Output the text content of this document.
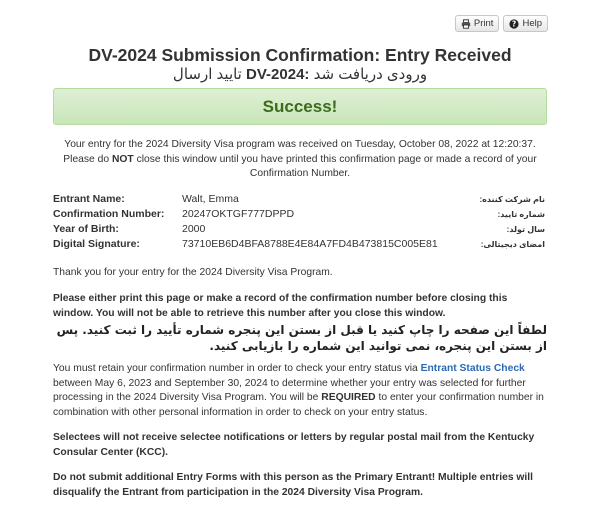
Print	? Help
DV-2024 Submission Confirmation: Entry Received
ورودی دریافت شد DV-2024: تایید ارسال
Success!
Your entry for the 2024 Diversity Visa program was received on Tuesday, October 08, 2022 at 12:20:37. Please do NOT close this window until you have printed this confirmation page or made a record of your Confirmation Number.
Entrant Name:	Walt, Emma	نام شرکت کننده:
Confirmation Number: 20247OKTGF777DPPD	شماره تایید:
Year of Birth:	2000	سال تولد:
Digital Signature:	73710EB6D4BFA8788E4E84A7FD4B473815C005E81	امضای دیجیتالی:

Thank you for your entry for the 2024 Diversity Visa Program.

Please either print this page or make a record of the confirmation number before closing this window. You will not be able to retrieve this number after you close this window.

لطفاً این صفحه را چاپ کنید یا قبل از بستن این پنجره شماره تأیید را ثبت کنید. پس از بستن این پنجره، نمی توانید این شماره را بازیابی کنید.

You must retain your confirmation number in order to check your entry status via Entrant Status Check between May 6, 2023 and September 30, 2024 to determine whether your entry was selected for further processing in the 2024 Diversity Visa Program. You will be REQUIRED to enter your confirmation number in combination with other personal information in order to check on your entry status.

Selectees will not receive selectee notifications or letters by regular postal mail from the Kentucky Consular Center (KCC).

Do not submit additional Entry Forms with this person as the Primary Entrant! Multiple entries will disqualify the Entrant from participation in the 2024 Diversity Visa Program.
